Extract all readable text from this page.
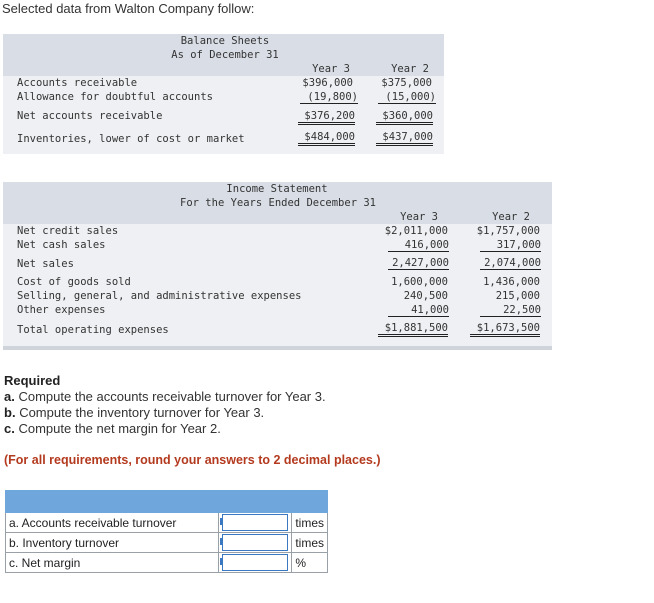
Selected data from Walton Company follow:
Balance Sheets
As of December 31
Year 3	Year 2
Accounts receivable	$396,000	$375,000
Allowance for doubtful accounts	(19,800)	(15,000)
Net accounts receivable	$376,200	$360,000
Inventories, lower of cost or market	$484,000	$437,000
Income Statement
For the Years Ended December 31
Year 3	Year 2
Net credit sales	$2,011,000	$1,757,000
Net cash sales	416,000	317,000
Net sales	2,427,000	2,074,000
Cost of goods sold	1,600,000	1,436,000
Selling, general, and administrative expenses	240,500	215,000
Other expenses	41,000	22,500
Total operating expenses	$1,881,500	$1,673,500
Required
a. Compute the accounts receivable turnover for Year 3.
b. Compute the inventory turnover for Year 3.
c. Compute the net margin for Year 2.
(For all requirements, round your answers to 2 decimal places.)

a. Accounts receivable turnover		times
b. Inventory turnover		times
c. Net margin		%
